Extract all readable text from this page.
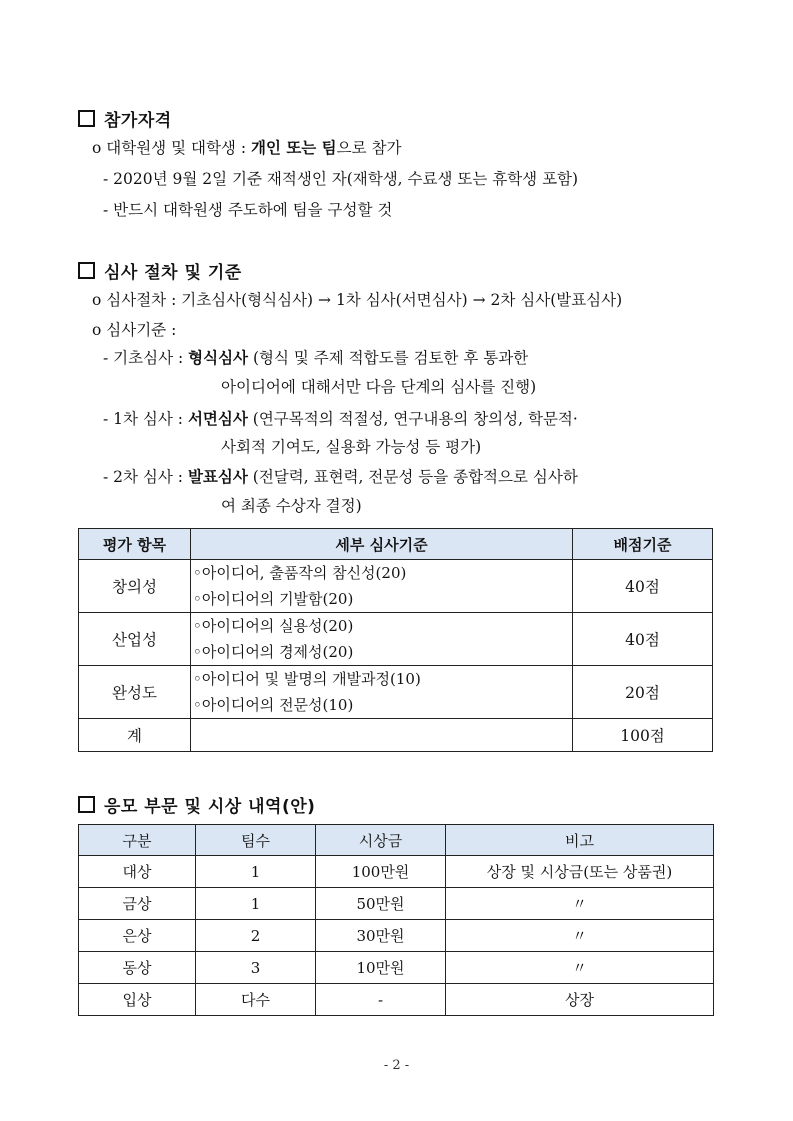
참가자격
o 대학원생 및 대학생 : 개인 또는 팀으로 참가
- 2020년 9월 2일 기준 재적생인 자(재학생, 수료생 또는 휴학생 포함)
- 반드시 대학원생 주도하에 팀을 구성할 것
심사 절차 및 기준
o 심사절차 : 기초심사(형식심사) → 1차 심사(서면심사) → 2차 심사(발표심사)
o 심사기준 :
- 기초심사 : 형식심사 (형식 및 주제 적합도를 검토한 후 통과한
아이디어에 대해서만 다음 단계의 심사를 진행)
- 1차 심사 : 서면심사 (연구목적의 적절성, 연구내용의 창의성, 학문적·
사회적 기여도, 실용화 가능성 등 평가)
- 2차 심사 : 발표심사 (전달력, 표현력, 전문성 등을 종합적으로 심사하
여 최종 수상자 결정)
평가 항목	세부 심사기준	배점기준
창의성	◦아이디어, 출품작의 참신성(20)
◦아이디어의 기발함(20)	40점
산업성	◦아이디어의 실용성(20)
◦아이디어의 경제성(20)	40점
완성도	◦아이디어 및 발명의 개발과정(10)
◦아이디어의 전문성(10)	20점
계		100점
응모 부문 및 시상 내역(안)
구분	팀수	시상금	비고
대상	1	100만원	상장 및 시상금(또는 상품권)
금상	1	50만원	〃
은상	2	30만원	〃
동상	3	10만원	〃
입상	다수	-	상장
- 2 -
